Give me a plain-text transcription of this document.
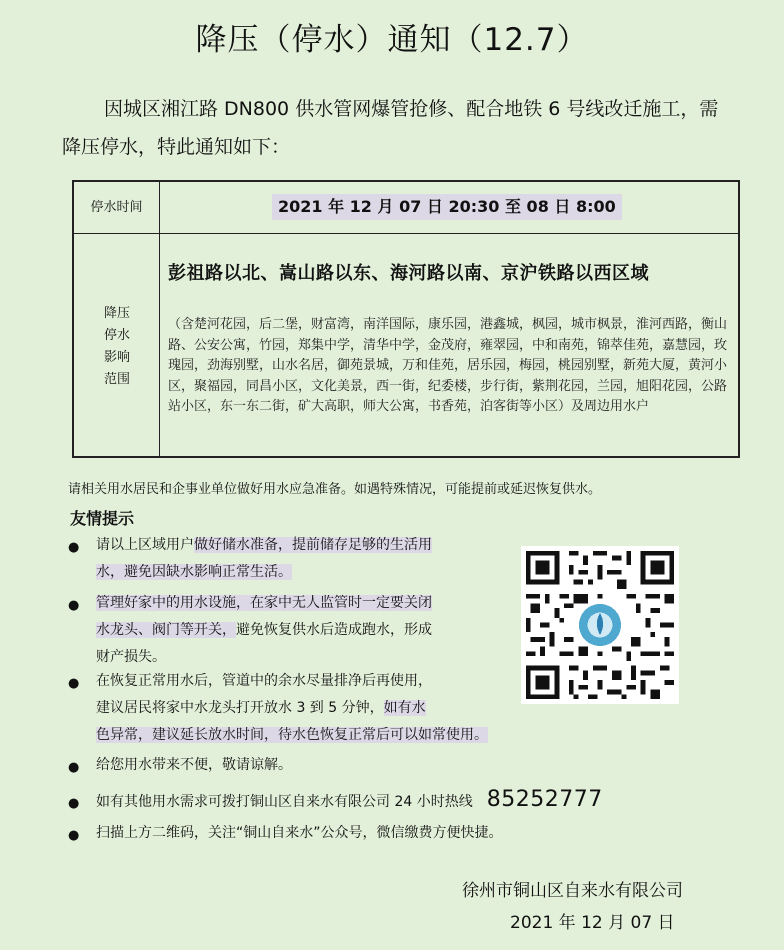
降压（停水）通知（12.7）
因城区湘江路 DN800 供水管网爆管抢修、配合地铁 6 号线改迁施工，需降压停水，特此通知如下：
停水时间	2021 年 12 月 07 日 20:30 至 08 日 8:00
降压
停水
影响
范围
彭祖路以北、嵩山路以东、海河路以南、京沪铁路以西区域
（含楚河花园，后二堡，财富湾，南洋国际，康乐园，港鑫城，枫园，城市枫景，淮河西路，衡山路、公安公寓，竹园，郑集中学，清华中学，金茂府，雍翠园，中和南苑，锦萃佳苑，嘉慧园，玫瑰园，劲海别墅，山水名居，御苑景城，万和佳苑，居乐园，梅园，桃园别墅，新苑大厦，黄河小区，聚福园，同昌小区，文化美景，西一街，纪委楼，步行街，紫荆花园，兰园，旭阳花园，公路站小区，东一东二街，矿大高职，师大公寓，书香苑，泊客街等小区）及周边用水户
请相关用水居民和企事业单位做好用水应急准备。如遇特殊情况，可能提前或延迟恢复供水。
友情提示
● 请以上区域用户做好储水准备，提前储存足够的生活用
水，避免因缺水影响正常生活。
● 管理好家中的用水设施，在家中无人监管时一定要关闭
水龙头、阀门等开关，避免恢复供水后造成跑水，形成
财产损失。
● 在恢复正常用水后，管道中的余水尽量排净后再使用，
建议居民将家中水龙头打开放水 3 到 5 分钟，如有水
色异常，建议延长放水时间，待水色恢复正常后可以如常使用。
● 给您用水带来不便，敬请谅解。
● 如有其他用水需求可拨打铜山区自来水有限公司 24 小时热线 85252777
● 扫描上方二维码，关注“铜山自来水”公众号，微信缴费方便快捷。
徐州市铜山区自来水有限公司
2021 年 12 月 07 日
